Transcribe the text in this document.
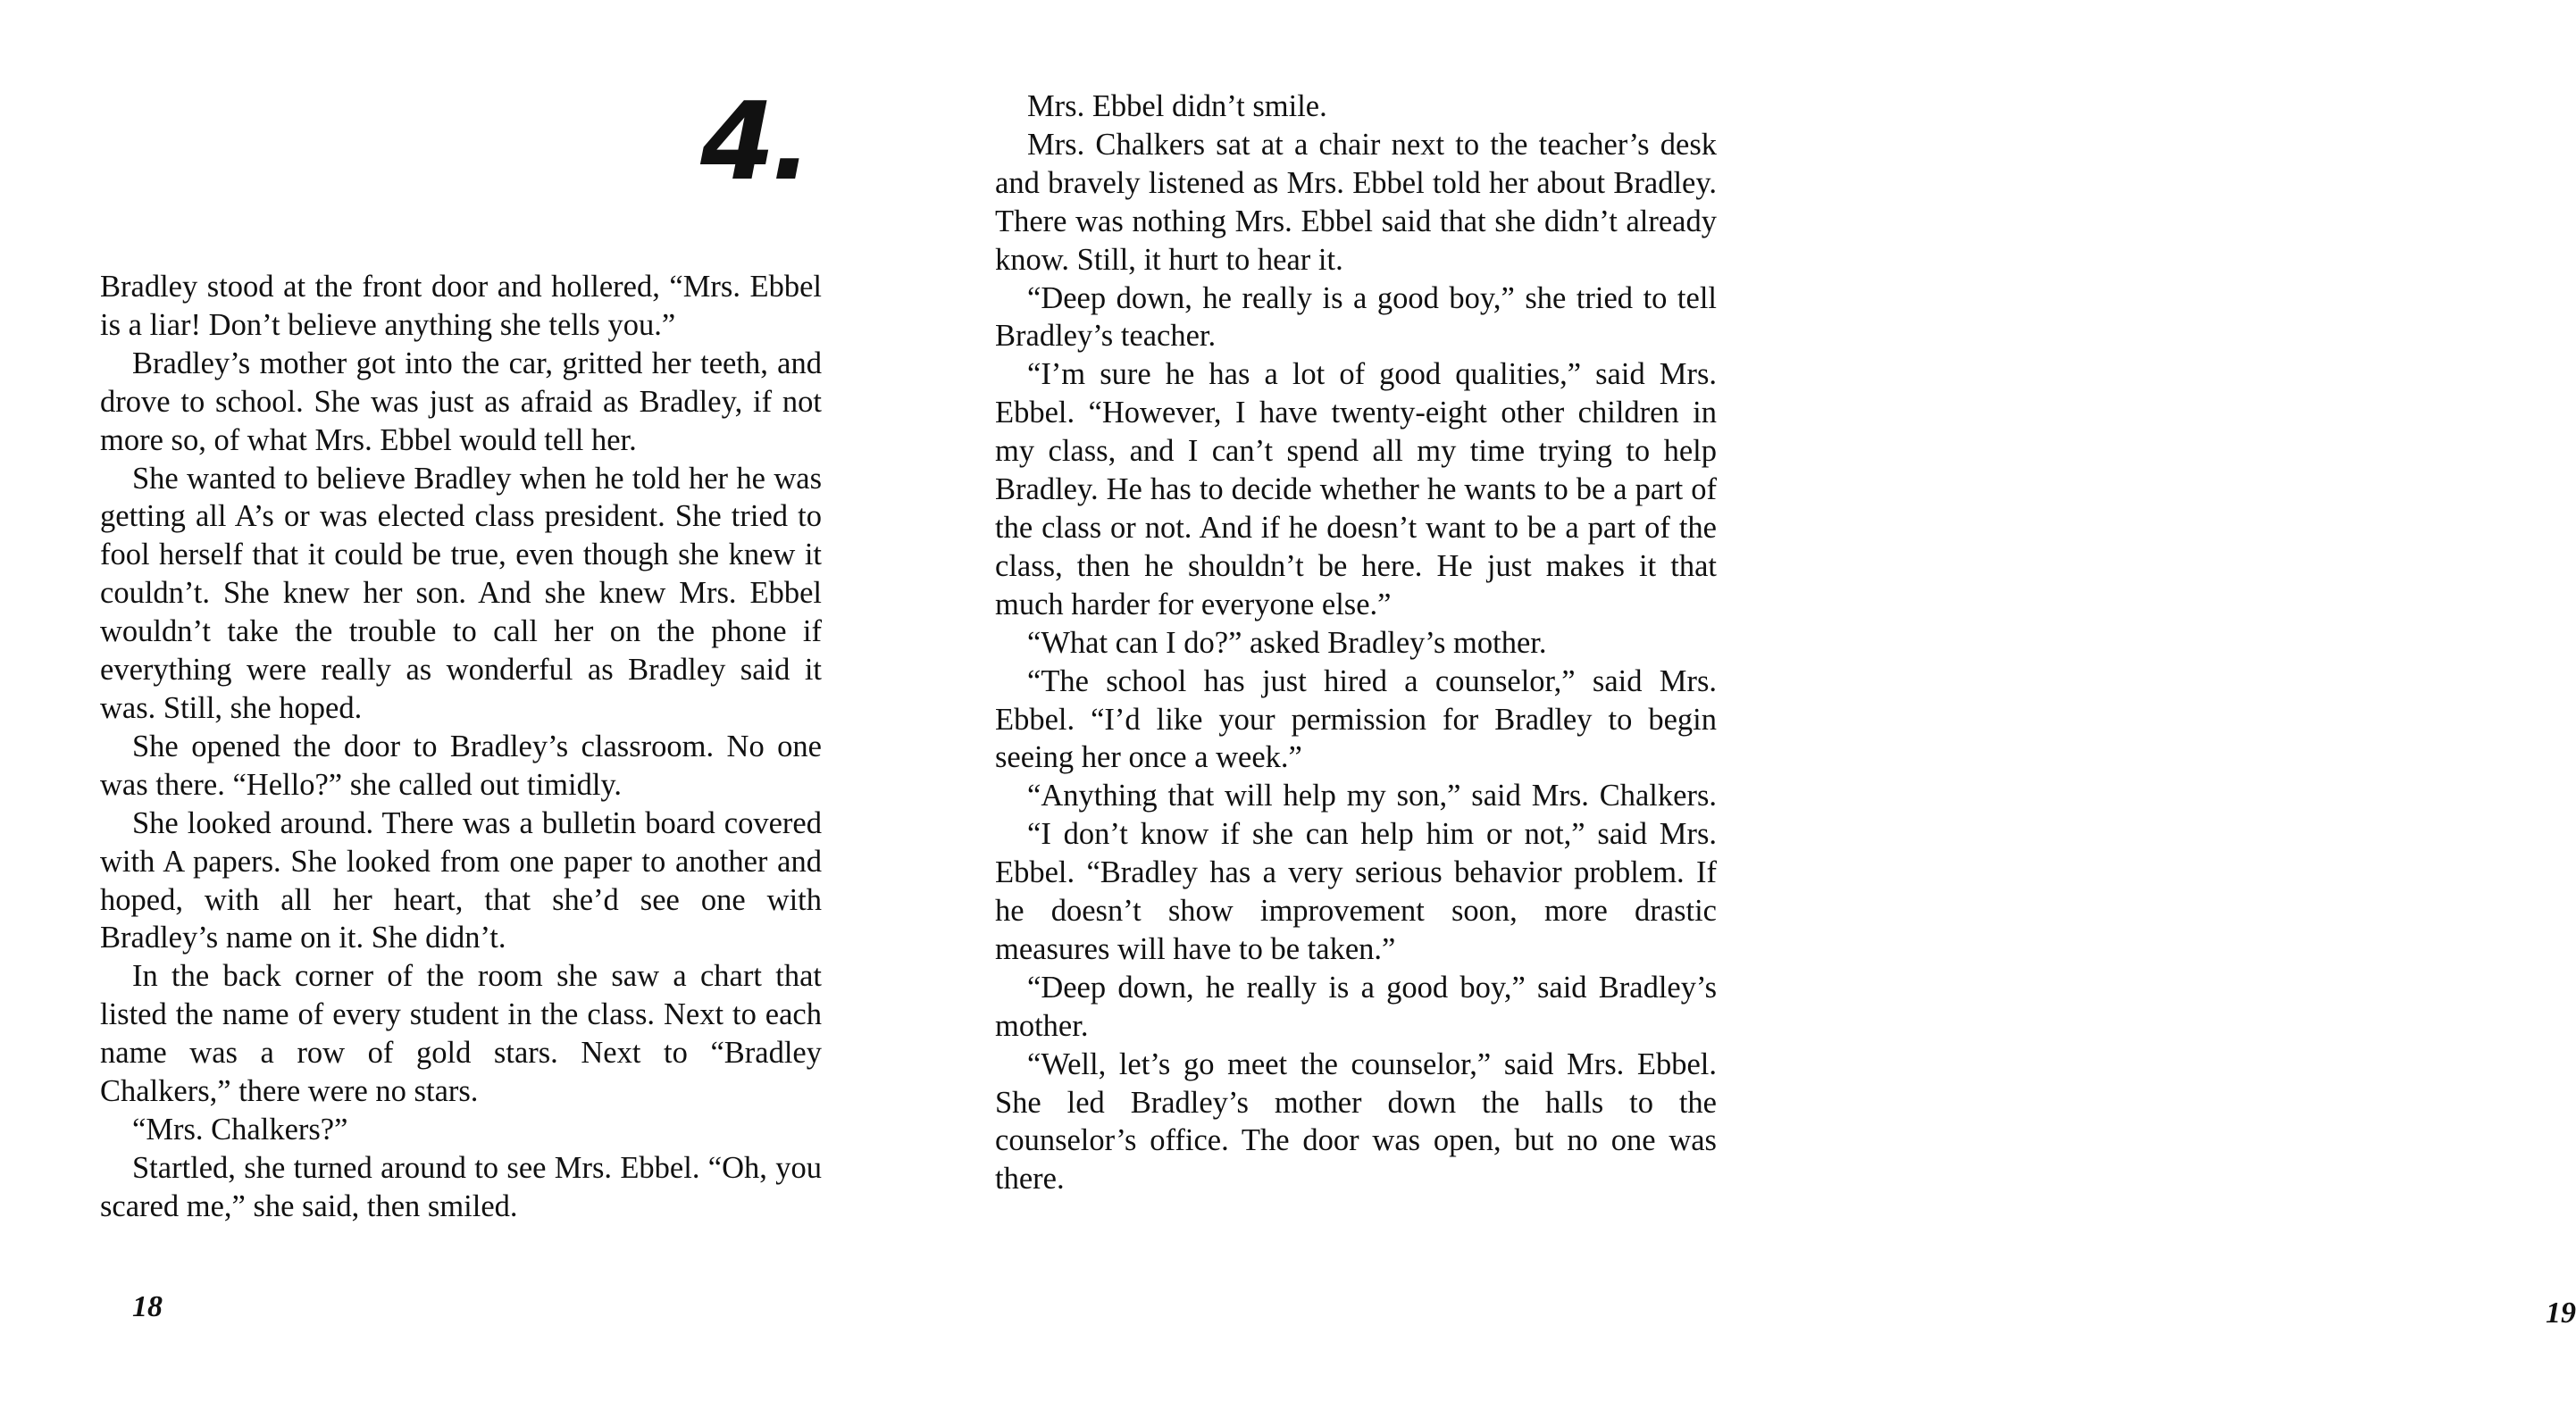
4.

Bradley stood at the front door and hollered, “Mrs. Ebbel is a liar! Don’t believe anything she tells you.”

Bradley’s mother got into the car, gritted her teeth, and drove to school. She was just as afraid as Bradley, if not more so, of what Mrs. Ebbel would tell her.

She wanted to believe Bradley when he told her he was getting all A’s or was elected class president. She tried to fool herself that it could be true, even though she knew it couldn’t. She knew her son. And she knew Mrs. Ebbel wouldn’t take the trouble to call her on the phone if everything were really as wonderful as Bradley said it was. Still, she hoped.

She opened the door to Bradley’s classroom. No one was there. “Hello?” she called out timidly.

She looked around. There was a bulletin board covered with A papers. She looked from one paper to another and hoped, with all her heart, that she’d see one with Bradley’s name on it. She didn’t.

In the back corner of the room she saw a chart that listed the name of every student in the class. Next to each name was a row of gold stars. Next to “Bradley Chalkers,” there were no stars.

“Mrs. Chalkers?”

Startled, she turned around to see Mrs. Ebbel. “Oh, you scared me,” she said, then smiled.

18

Mrs. Ebbel didn’t smile.

Mrs. Chalkers sat at a chair next to the teacher’s desk and bravely listened as Mrs. Ebbel told her about Bradley. There was nothing Mrs. Ebbel said that she didn’t already know. Still, it hurt to hear it.

“Deep down, he really is a good boy,” she tried to tell Bradley’s teacher.

“I’m sure he has a lot of good qualities,” said Mrs. Ebbel. “However, I have twenty-eight other children in my class, and I can’t spend all my time trying to help Bradley. He has to decide whether he wants to be a part of the class or not. And if he doesn’t want to be a part of the class, then he shouldn’t be here. He just makes it that much harder for everyone else.”

“What can I do?” asked Bradley’s mother.

“The school has just hired a counselor,” said Mrs. Ebbel. “I’d like your permission for Bradley to begin seeing her once a week.”

“Anything that will help my son,” said Mrs. Chalkers.

“I don’t know if she can help him or not,” said Mrs. Ebbel. “Bradley has a very serious behavior problem. If he doesn’t show improvement soon, more drastic measures will have to be taken.”

“Deep down, he really is a good boy,” said Bradley’s mother.

“Well, let’s go meet the counselor,” said Mrs. Ebbel. She led Bradley’s mother down the halls to the counselor’s office. The door was open, but no one was there.

19
